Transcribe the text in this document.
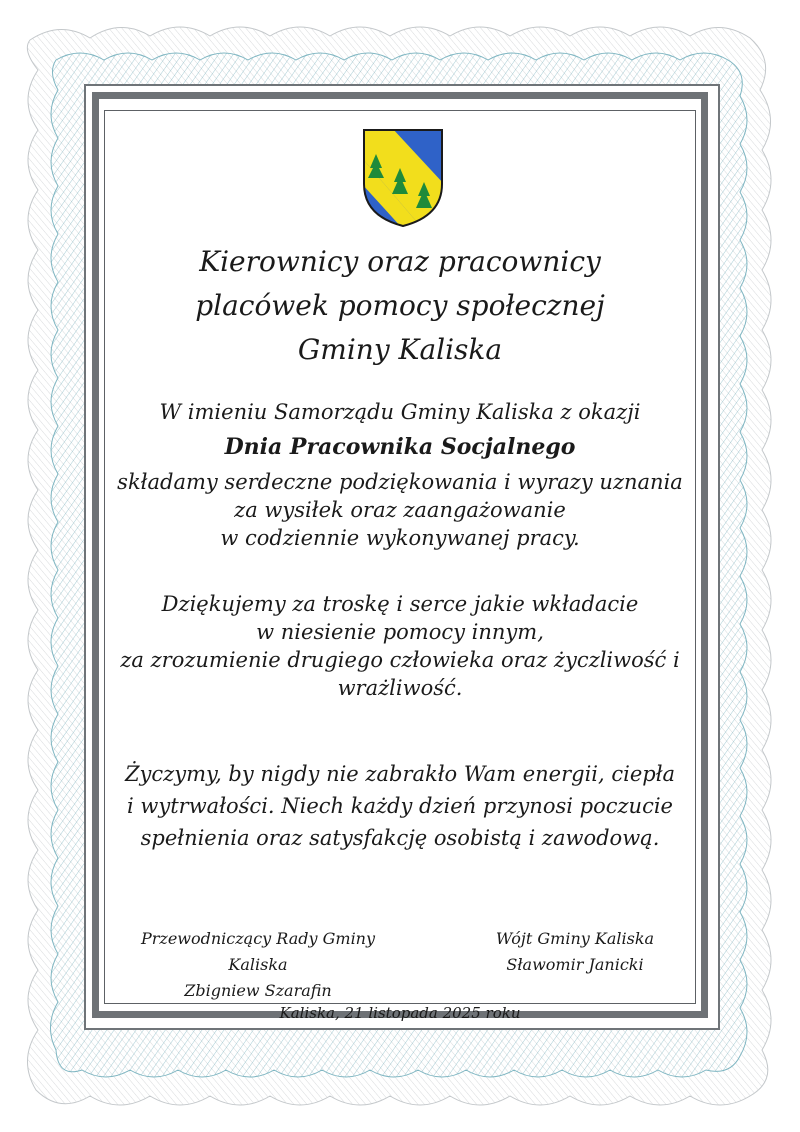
Kierownicy oraz pracownicy
placówek pomocy społecznej
Gminy Kaliska
W imieniu Samorządu Gminy Kaliska z okazji
Dnia Pracownika Socjalnego
składamy serdeczne podziękowania i wyrazy uznania
za wysiłek oraz zaangażowanie
w codziennie wykonywanej pracy.
Dziękujemy za troskę i serce jakie wkładacie
w niesienie pomocy innym,
za zrozumienie drugiego człowieka oraz życzliwość i
wrażliwość.
Życzymy, by nigdy nie zabrakło Wam energii, ciepła
i wytrwałości. Niech każdy dzień przynosi poczucie
spełnienia oraz satysfakcję osobistą i zawodową.
Przewodniczący Rady Gminy Kaliska
Zbigniew Szarafin
Wójt Gminy Kaliska
Sławomir Janicki
Kaliska, 21 listopada 2025 roku
